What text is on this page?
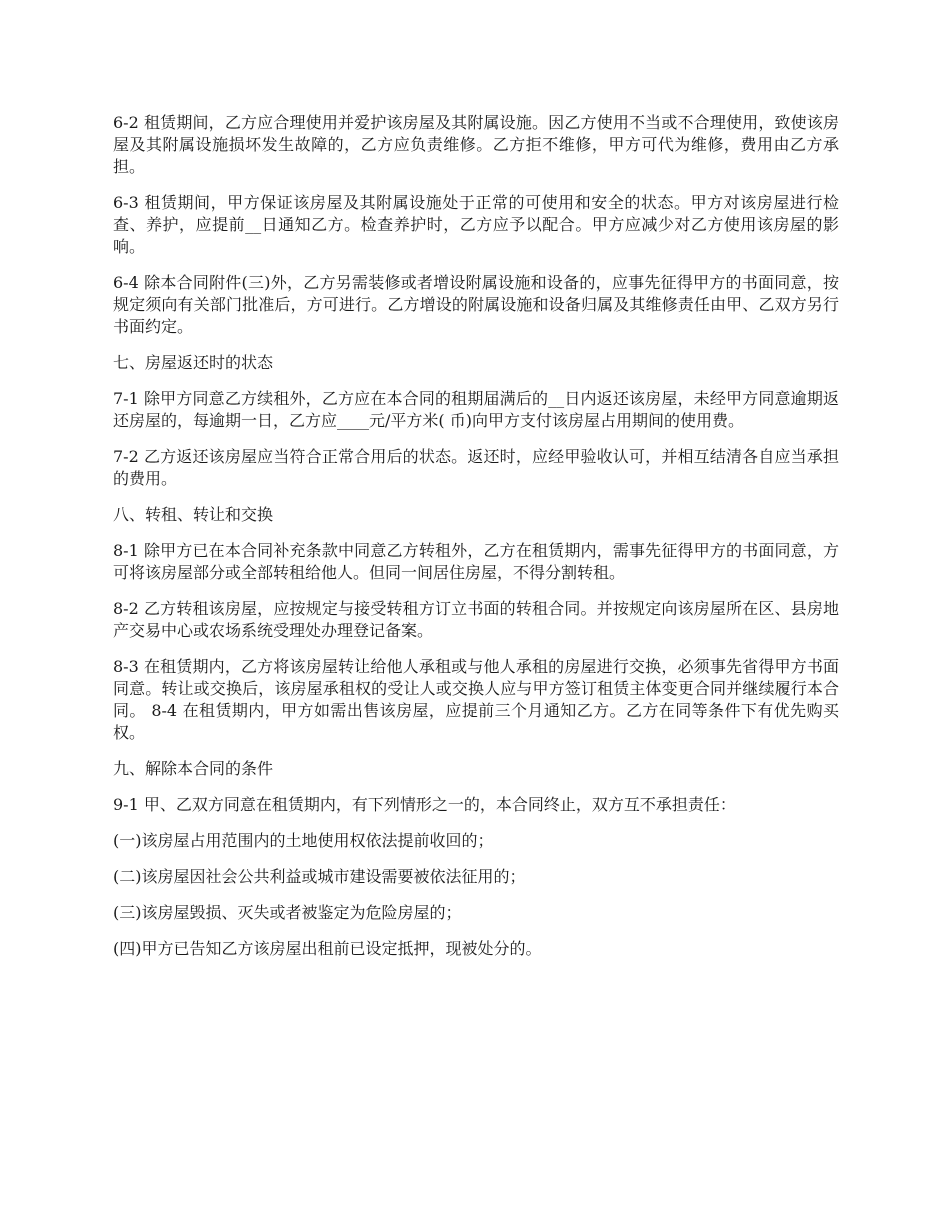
6-2 租赁期间，乙方应合理使用并爱护该房屋及其附属设施。因乙方使用不当或不合理使用，致使该房屋及其附属设施损坏发生故障的，乙方应负责维修。乙方拒不维修，甲方可代为维修，费用由乙方承担。

6-3 租赁期间，甲方保证该房屋及其附属设施处于正常的可使用和安全的状态。甲方对该房屋进行检查、养护，应提前__日通知乙方。检查养护时，乙方应予以配合。甲方应减少对乙方使用该房屋的影响。

6-4 除本合同附件(三)外，乙方另需装修或者增设附属设施和设备的，应事先征得甲方的书面同意，按规定须向有关部门批准后，方可进行。乙方增设的附属设施和设备归属及其维修责任由甲、乙双方另行书面约定。

七、房屋返还时的状态

7-1 除甲方同意乙方续租外，乙方应在本合同的租期届满后的__日内返还该房屋，未经甲方同意逾期返还房屋的，每逾期一日，乙方应____元/平方米( 币)向甲方支付该房屋占用期间的使用费。

7-2 乙方返还该房屋应当符合正常合用后的状态。返还时，应经甲验收认可，并相互结清各自应当承担的费用。

八、转租、转让和交换

8-1 除甲方已在本合同补充条款中同意乙方转租外，乙方在租赁期内，需事先征得甲方的书面同意，方可将该房屋部分或全部转租给他人。但同一间居住房屋，不得分割转租。

8-2 乙方转租该房屋，应按规定与接受转租方订立书面的转租合同。并按规定向该房屋所在区、县房地产交易中心或农场系统受理处办理登记备案。

8-3 在租赁期内，乙方将该房屋转让给他人承租或与他人承租的房屋进行交换，必须事先省得甲方书面同意。转让或交换后，该房屋承租权的受让人或交换人应与甲方签订租赁主体变更合同并继续履行本合同。 8-4 在租赁期内，甲方如需出售该房屋，应提前三个月通知乙方。乙方在同等条件下有优先购买权。

九、解除本合同的条件

9-1 甲、乙双方同意在租赁期内，有下列情形之一的，本合同终止，双方互不承担责任：

(一)该房屋占用范围内的土地使用权依法提前收回的；

(二)该房屋因社会公共利益或城市建设需要被依法征用的；

(三)该房屋毁损、灭失或者被鉴定为危险房屋的；

(四)甲方已告知乙方该房屋出租前已设定抵押，现被处分的。
